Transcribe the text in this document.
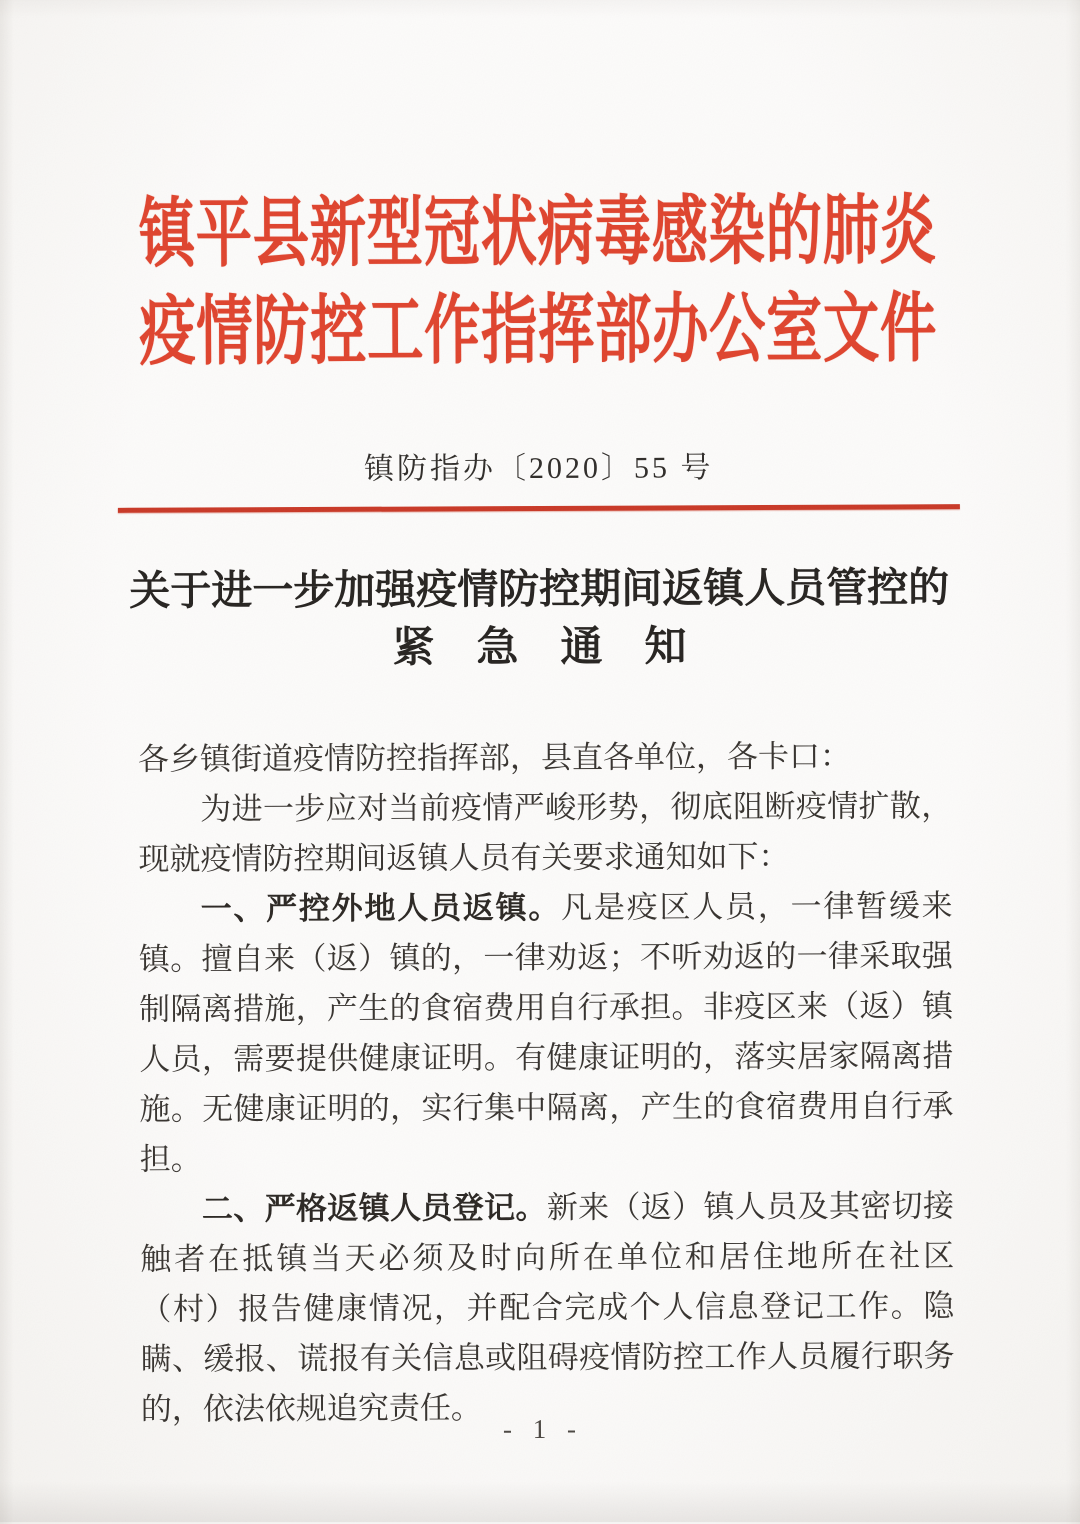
镇平县新型冠状病毒感染的肺炎
疫情防控工作指挥部办公室文件
镇防指办〔2020〕55 号
关于进一步加强疫情防控期间返镇人员管控的
紧急通知

各乡镇街道疫情防控指挥部，县直各单位，各卡口：

为进一步应对当前疫情严峻形势，彻底阻断疫情扩散，现就疫情防控期间返镇人员有关要求通知如下：

一、严控外地人员返镇。凡是疫区人员，一律暂缓来镇。擅自来（返）镇的，一律劝返；不听劝返的一律采取强制隔离措施，产生的食宿费用自行承担。非疫区来（返）镇人员，需要提供健康证明。有健康证明的，落实居家隔离措施。无健康证明的，实行集中隔离，产生的食宿费用自行承担。

二、严格返镇人员登记。新来（返）镇人员及其密切接触者在抵镇当天必须及时向所在单位和居住地所在社区（村）报告健康情况，并配合完成个人信息登记工作。隐瞒、缓报、谎报有关信息或阻碍疫情防控工作人员履行职务的，依法依规追究责任。

- 1 -
